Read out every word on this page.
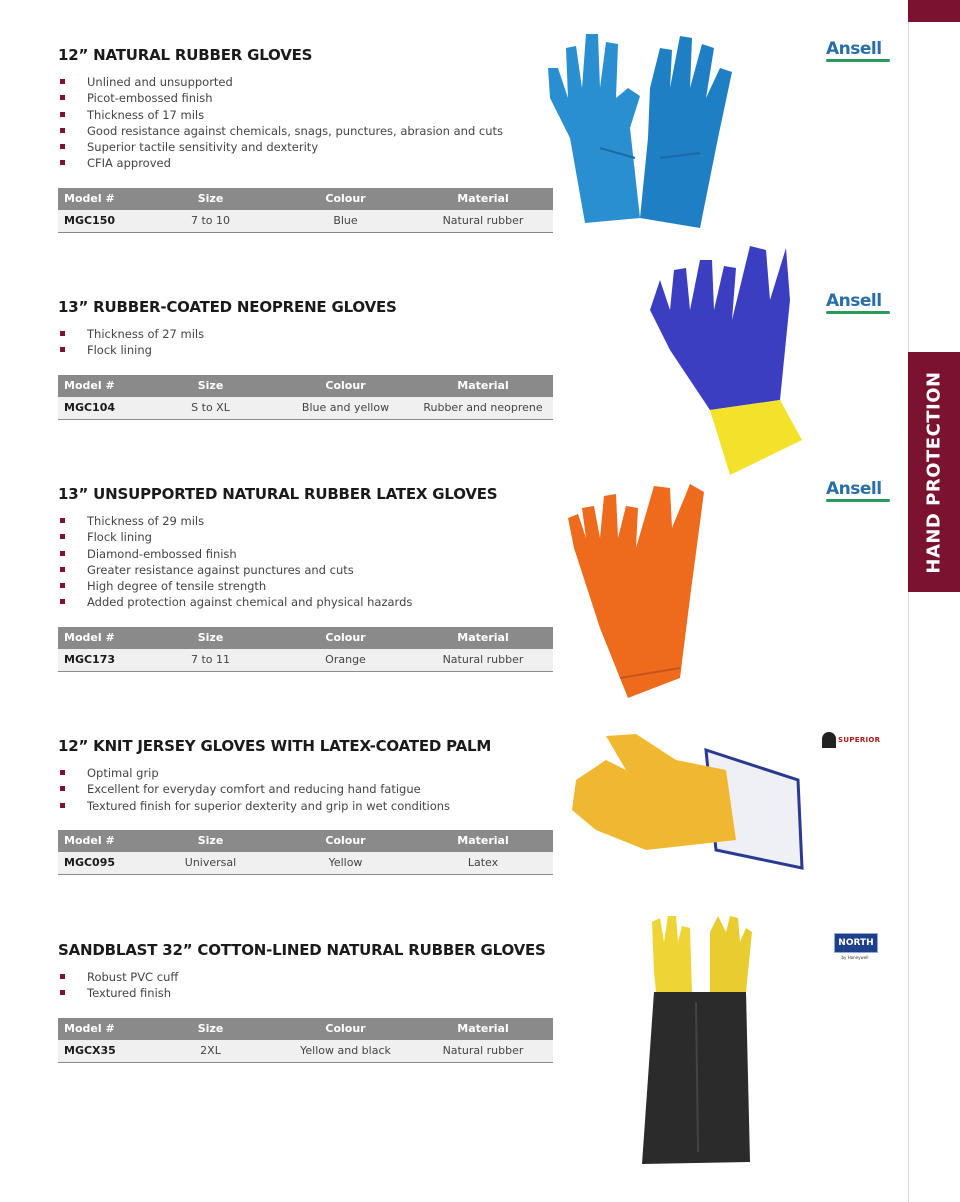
HAND PROTECTION
12” NATURAL RUBBER GLOVES
Unlined and unsupported
Picot-embossed finish
Thickness of 17 mils
Good resistance against chemicals, snags, punctures, abrasion and cuts
Superior tactile sensitivity and dexterity
CFIA approved
Model #	Size	Colour	Material
MGC150	7 to 10	Blue	Natural rubber
13” RUBBER-COATED NEOPRENE GLOVES
Thickness of 27 mils
Flock lining
Model #	Size	Colour	Material
MGC104	S to XL	Blue and yellow	Rubber and neoprene
13” UNSUPPORTED NATURAL RUBBER LATEX GLOVES
Thickness of 29 mils
Flock lining
Diamond-embossed finish
Greater resistance against punctures and cuts
High degree of tensile strength
Added protection against chemical and physical hazards
Model #	Size	Colour	Material
MGC173	7 to 11	Orange	Natural rubber
12” KNIT JERSEY GLOVES WITH LATEX-COATED PALM
Optimal grip
Excellent for everyday comfort and reducing hand fatigue
Textured finish for superior dexterity and grip in wet conditions
Model #	Size	Colour	Material
MGC095	Universal	Yellow	Latex
SANDBLAST 32” COTTON-LINED NATURAL RUBBER GLOVES
Robust PVC cuff
Textured finish
Model #	Size	Colour	Material
MGCX35	2XL	Yellow and black	Natural rubber
Ansell
Ansell
Ansell
SUPERIOR
NORTH
by Honeywell
